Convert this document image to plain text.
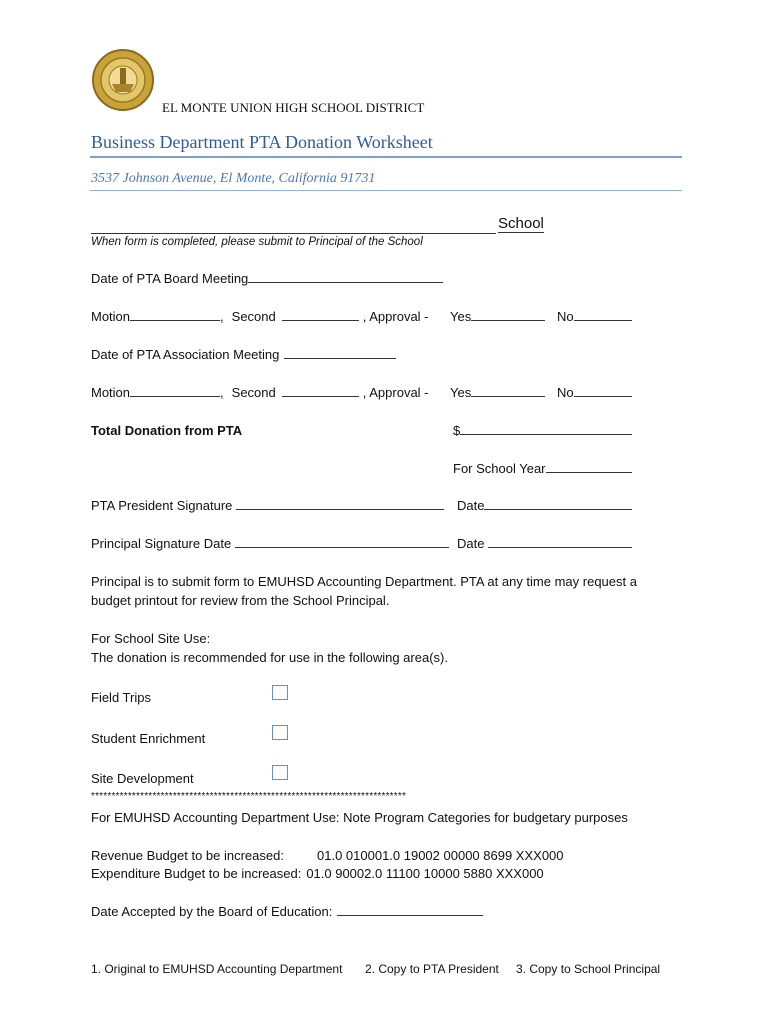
EL MONTE UNION HIGH SCHOOL DISTRICT
Business Department PTA Donation Worksheet
3537 Johnson Avenue, El Monte, California 91731
School
When form is completed, please submit to Principal of the School
Date of PTA Board Meeting
Motion	, Second	, Approval - Yes	No
Date of PTA Association Meeting
Motion	, Second	, Approval - Yes	No
Total Donation from PTA	$
For School Year
PTA President Signature	Date
Principal Signature Date	Date
Principal is to submit form to EMUHSD Accounting Department. PTA at any time may request a
budget printout for review from the School Principal.
For School Site Use:
The donation is recommended for use in the following area(s).
Field Trips
Student Enrichment
Site Development
*****************************************************************************
For EMUHSD Accounting Department Use: Note Program Categories for budgetary purposes
Revenue Budget to be increased:	01.0 010001.0 19002 00000 8699 XXX000
Expenditure Budget to be increased: 01.0 90002.0 11100 10000 5880 XXX000
Date Accepted by the Board of Education:
1. Original to EMUHSD Accounting Department 2. Copy to PTA President 3. Copy to School Principal
